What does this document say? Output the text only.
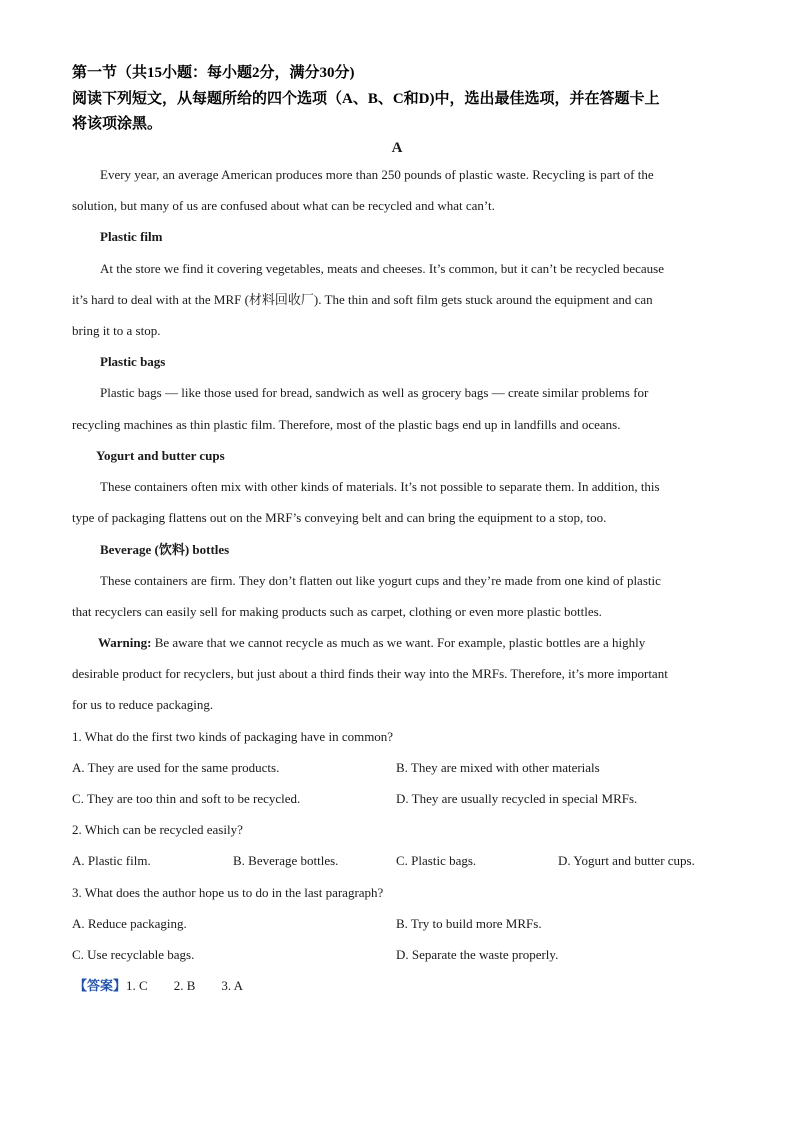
第一节（共15小题：每小题2分，满分30分)
阅读下列短文，从每题所给的四个选项（A、B、C和D)中，选出最佳选项，并在答题卡上
将该项涂黑。
A
Every year, an average American produces more than 250 pounds of plastic waste. Recycling is part of the
solution, but many of us are confused about what can be recycled and what can’t.
Plastic film
At the store we find it covering vegetables, meats and cheeses. It’s common, but it can’t be recycled because
it’s hard to deal with at the MRF (材料回收厂). The thin and soft film gets stuck around the equipment and can
bring it to a stop.
Plastic bags
Plastic bags — like those used for bread, sandwich as well as grocery bags — create similar problems for
recycling machines as thin plastic film. Therefore, most of the plastic bags end up in landfills and oceans.
Yogurt and butter cups
These containers often mix with other kinds of materials. It’s not possible to separate them. In addition, this
type of packaging flattens out on the MRF’s conveying belt and can bring the equipment to a stop, too.
Beverage (饮料) bottles
These containers are firm. They don’t flatten out like yogurt cups and they’re made from one kind of plastic
that recyclers can easily sell for making products such as carpet, clothing or even more plastic bottles.
Warning: Be aware that we cannot recycle as much as we want. For example, plastic bottles are a highly
desirable product for recyclers, but just about a third finds their way into the MRFs. Therefore, it’s more important
for us to reduce packaging.
1. What do the first two kinds of packaging have in common?
A. They are used for the same products.	B. They are mixed with other materials
C. They are too thin and soft to be recycled.	D. They are usually recycled in special MRFs.
2. Which can be recycled easily?
A. Plastic film.	B. Beverage bottles.	C. Plastic bags.	D. Yogurt and butter cups.
3. What does the author hope us to do in the last paragraph?
A. Reduce packaging.	B. Try to build more MRFs.
C. Use recyclable bags.	D. Separate the waste properly.
【答案】1. C 2. B 3. A
